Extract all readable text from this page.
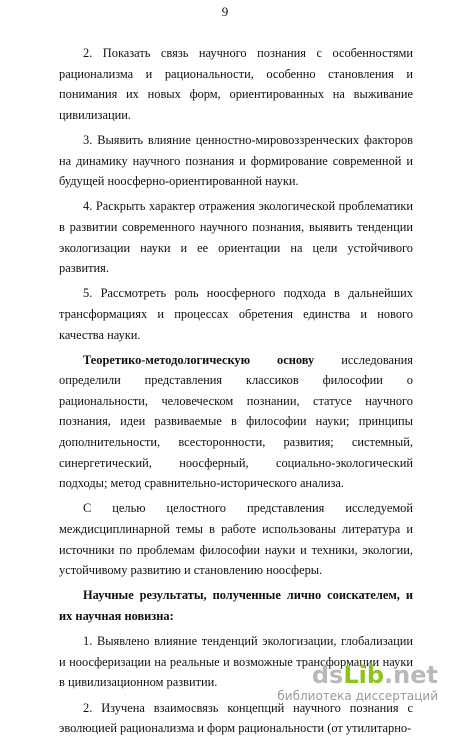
9

2. Показать связь научного познания с особенностями рационализма и рациональности, особенно становления и понимания их новых форм, ориентированных на выживание цивилизации.

3. Выявить влияние ценностно-мировоззренческих факторов на динамику научного познания и формирование современной и будущей ноосферно-ориентированной науки.

4. Раскрыть характер отражения экологической проблематики в развитии современного научного познания, выявить тенденции экологизации науки и ее ориентации на цели устойчивого развития.

5. Рассмотреть роль ноосферного подхода в дальнейших трансформациях и процессах обретения единства и нового качества науки.

Теоретико-методологическую основу исследования определили представления классиков философии о рациональности, человеческом познании, статусе научного познания, идеи развиваемые в философии науки; принципы дополнительности, всесторонности, развития; системный, синергетический, ноосферный, социально-экологический подходы; метод сравнительно-исторического анализа.

С целью целостного представления исследуемой междисциплинарной темы в работе использованы литература и источники по проблемам философии науки и техники, экологии, устойчивому развитию и становлению ноосферы.

Научные результаты, полученные лично соискателем, и их научная новизна:

1. Выявлено влияние тенденций экологизации, глобализации и ноосферизации на реальные и возможные трансформации науки в цивилизационном развитии.

2. Изучена взаимосвязь концепций научного познания с эволюцией рационализма и форм рациональности (от утилитарно-

dsLib.net
библиотека диссертаций
